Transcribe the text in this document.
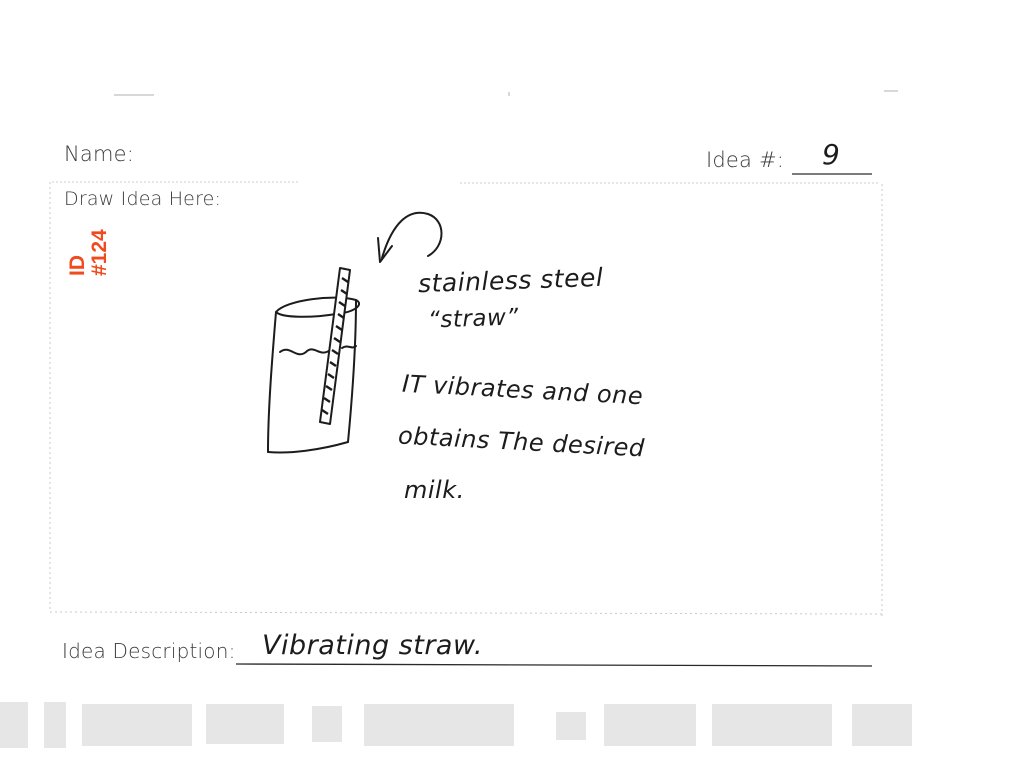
Name:	Idea #:
Draw Idea Here:
Idea Description:
9
Vibrating straw.
stainless steel
“straw”
IT vibrates and one
obtains The desired
milk.
ID #124
